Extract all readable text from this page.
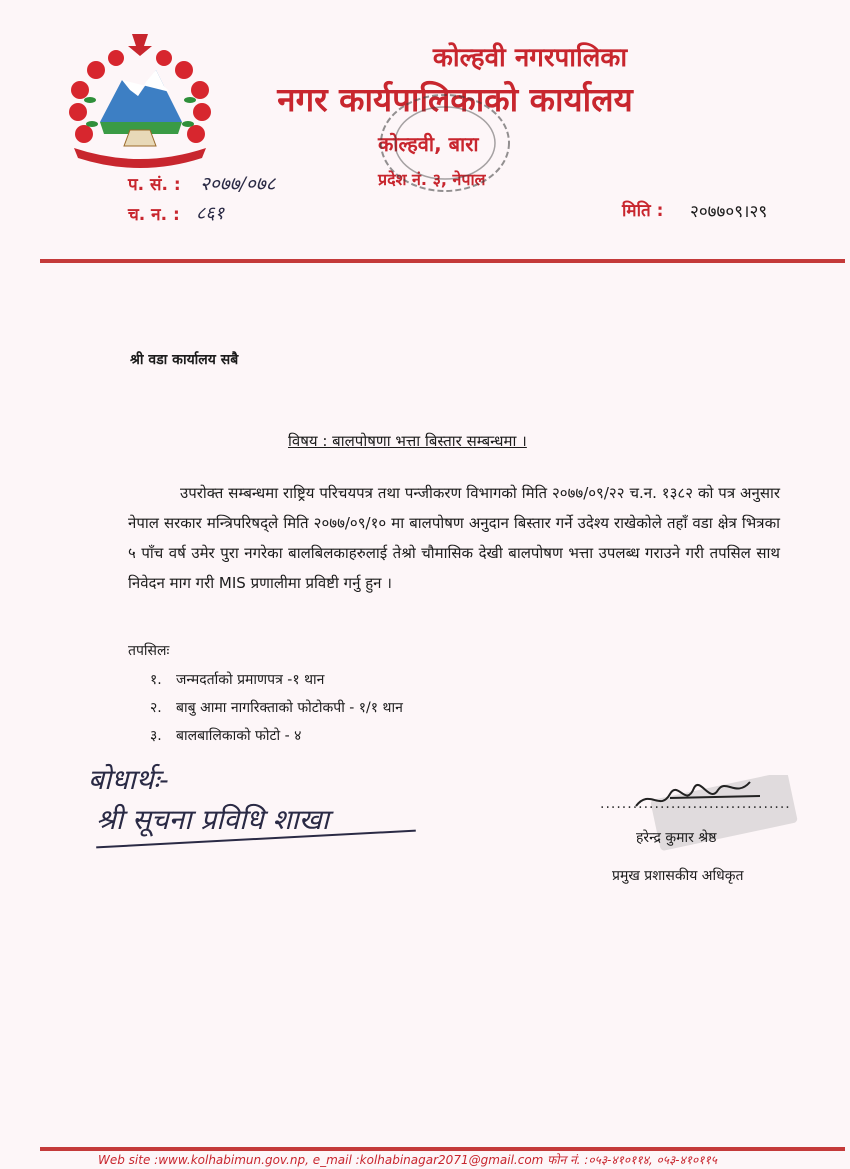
कोल्हवी नगरपालिका
नगर कार्यपालिकाको कार्यालय
कोल्हवी, बारा
प्रदेश नं. ३, नेपाल
प. सं. : २०७७/०७८
च. न. : ८६१	मिति : २०७७०९।२९
श्री वडा कार्यालय सबै
विषय : बालपोषणा भत्ता बिस्तार सम्बन्धमा ।
उपरोक्त सम्बन्धमा राष्ट्रिय परिचयपत्र तथा पन्जीकरण विभागको मिति २०७७/०९/२२ च.न. १३८२ को पत्र अनुसार नेपाल सरकार मन्त्रिपरिषद्ले मिति २०७७/०९/१० मा बालपोषण अनुदान बिस्तार गर्ने उदेश्य राखेकोले तहाँ वडा क्षेत्र भित्रका ५ पाँच वर्ष उमेर पुरा नगरेका बालबिलकाहरुलाई तेश्रो चौमासिक देखी बालपोषण भत्ता उपलब्ध गराउने गरी तपसिल साथ निवेदन माग गरी MIS प्रणालीमा प्रविष्टी गर्नु हुन ।
तपसिलः
१. जन्मदर्ताको प्रमाणपत्र -१ थान
२. बाबु आमा नागरिक्ताको फोटोकपी - १/१ थान
३. बालबालिकाको फोटो - ४
बोधार्थः-
श्री सूचना प्रविधि शाखा	...................................
हरेन्द्र कुमार श्रेष्ठ
प्रमुख प्रशासकीय अधिकृत
Web site :www.kolhabimun.gov.np, e_mail :kolhabinagar2071@gmail.com फोन नं. :०५३-४१०११४, ०५३-४१०११५
